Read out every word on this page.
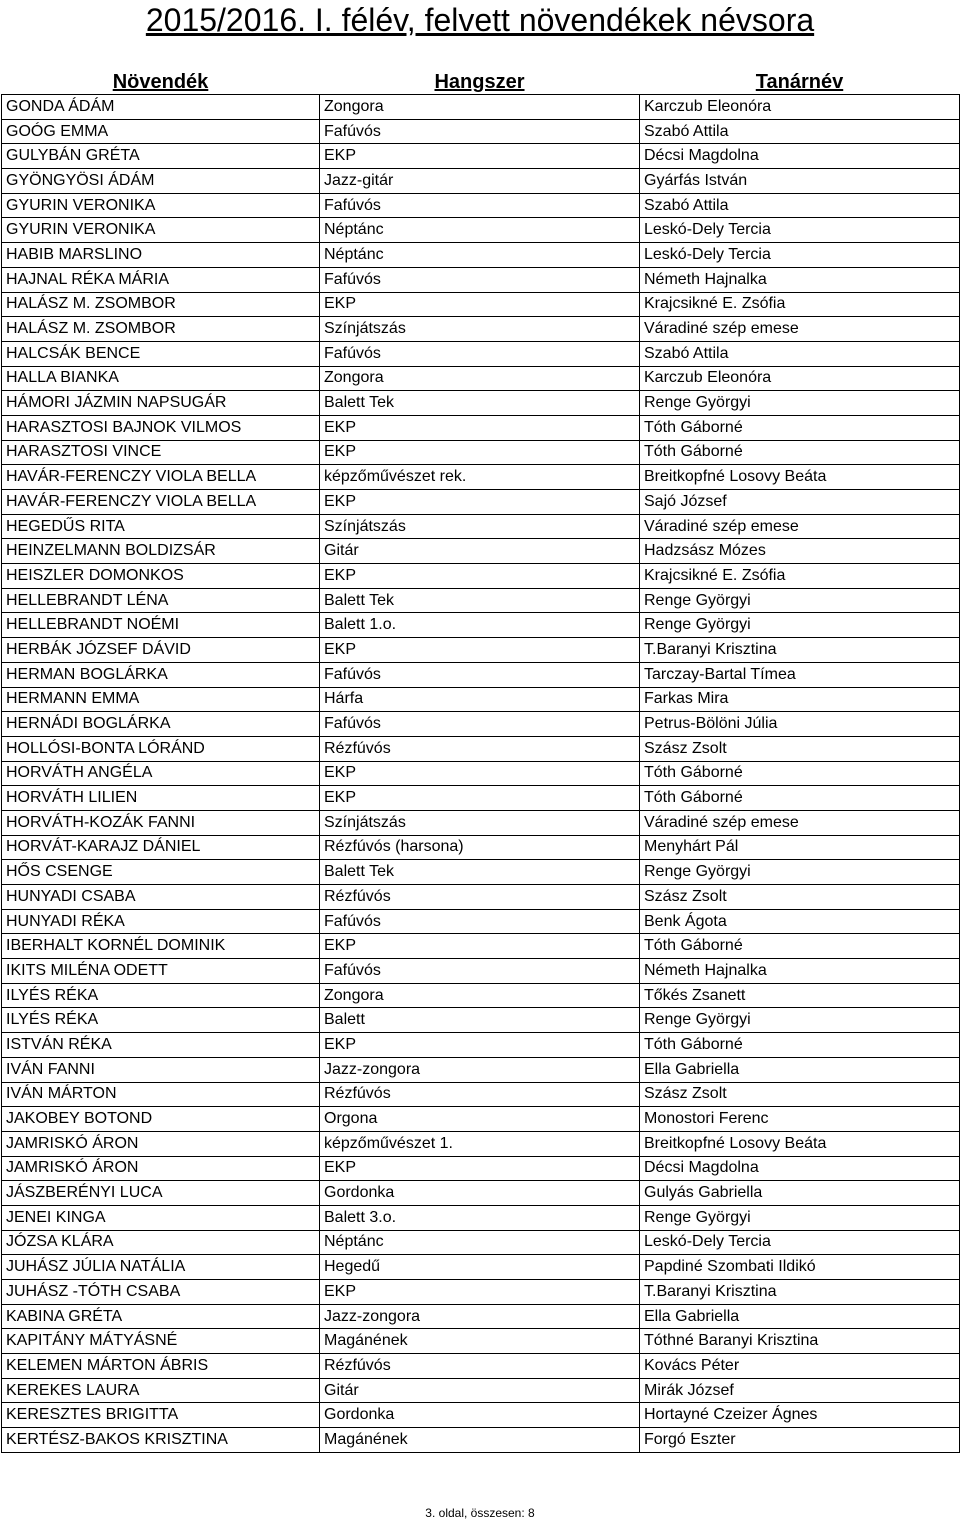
2015/2016. I. félév, felvett növendékek névsora
Növendék	Hangszer	Tanárnév
GONDA ÁDÁM	Zongora	Karczub Eleonóra
GOÓG EMMA	Fafúvós	Szabó Attila
GULYBÁN GRÉTA	EKP	Décsi Magdolna
GYÖNGYÖSI ÁDÁM	Jazz-gitár	Gyárfás István
GYURIN VERONIKA	Fafúvós	Szabó Attila
GYURIN VERONIKA	Néptánc	Leskó-Dely Tercia
HABIB MARSLINO	Néptánc	Leskó-Dely Tercia
HAJNAL RÉKA MÁRIA	Fafúvós	Németh Hajnalka
HALÁSZ M. ZSOMBOR	EKP	Krajcsikné E. Zsófia
HALÁSZ M. ZSOMBOR	Színjátszás	Váradiné szép emese
HALCSÁK BENCE	Fafúvós	Szabó Attila
HALLA BIANKA	Zongora	Karczub Eleonóra
HÁMORI JÁZMIN NAPSUGÁR	Balett Tek	Renge Györgyi
HARASZTOSI BAJNOK VILMOS	EKP	Tóth Gáborné
HARASZTOSI VINCE	EKP	Tóth Gáborné
HAVÁR-FERENCZY VIOLA BELLA	képzőművészet rek.	Breitkopfné Losovy Beáta
HAVÁR-FERENCZY VIOLA BELLA	EKP	Sajó József
HEGEDŰS RITA	Színjátszás	Váradiné szép emese
HEINZELMANN BOLDIZSÁR	Gitár	Hadzsász Mózes
HEISZLER DOMONKOS	EKP	Krajcsikné E. Zsófia
HELLEBRANDT LÉNA	Balett Tek	Renge Györgyi
HELLEBRANDT NOÉMI	Balett 1.o.	Renge Györgyi
HERBÁK JÓZSEF DÁVID	EKP	T.Baranyi Krisztina
HERMAN BOGLÁRKA	Fafúvós	Tarczay-Bartal Tímea
HERMANN EMMA	Hárfa	Farkas Mira
HERNÁDI BOGLÁRKA	Fafúvós	Petrus-Bölöni Júlia
HOLLÓSI-BONTA LÓRÁND	Rézfúvós	Szász Zsolt
HORVÁTH ANGÉLA	EKP	Tóth Gáborné
HORVÁTH LILIEN	EKP	Tóth Gáborné
HORVÁTH-KOZÁK FANNI	Színjátszás	Váradiné szép emese
HORVÁT-KARAJZ DÁNIEL	Rézfúvós (harsona)	Menyhárt Pál
HŐS CSENGE	Balett Tek	Renge Györgyi
HUNYADI CSABA	Rézfúvós	Szász Zsolt
HUNYADI RÉKA	Fafúvós	Benk Ágota
IBERHALT KORNÉL DOMINIK	EKP	Tóth Gáborné
IKITS MILÉNA ODETT	Fafúvós	Németh Hajnalka
ILYÉS RÉKA	Zongora	Tőkés Zsanett
ILYÉS RÉKA	Balett	Renge Györgyi
ISTVÁN RÉKA	EKP	Tóth Gáborné
IVÁN FANNI	Jazz-zongora	Ella Gabriella
IVÁN MÁRTON	Rézfúvós	Szász Zsolt
JAKOBEY BOTOND	Orgona	Monostori Ferenc
JAMRISKÓ ÁRON	képzőművészet 1.	Breitkopfné Losovy Beáta
JAMRISKÓ ÁRON	EKP	Décsi Magdolna
JÁSZBERÉNYI LUCA	Gordonka	Gulyás Gabriella
JENEI KINGA	Balett 3.o.	Renge Györgyi
JÓZSA KLÁRA	Néptánc	Leskó-Dely Tercia
JUHÁSZ JÚLIA NATÁLIA	Hegedű	Papdiné Szombati Ildikó
JUHÁSZ -TÓTH CSABA	EKP	T.Baranyi Krisztina
KABINA GRÉTA	Jazz-zongora	Ella Gabriella
KAPITÁNY MÁTYÁSNÉ	Magánének	Tóthné Baranyi Krisztina
KELEMEN MÁRTON ÁBRIS	Rézfúvós	Kovács Péter
KEREKES LAURA	Gitár	Mirák József
KERESZTES BRIGITTA	Gordonka	Hortayné Czeizer Ágnes
KERTÉSZ-BAKOS KRISZTINA	Magánének	Forgó Eszter
3. oldal, összesen: 8
